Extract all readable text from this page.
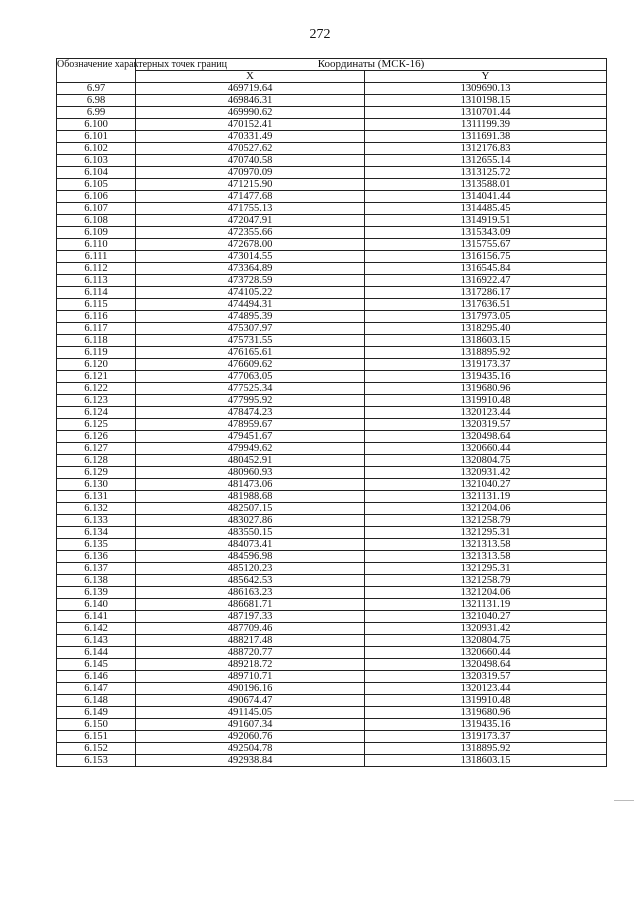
272
Обозначение характерных точек границ	Координаты (МСК-16)	
	X	Y
6.97	469719.64	1309690.13
6.98	469846.31	1310198.15
6.99	469990.62	1310701.44
6.100	470152.41	1311199.39
6.101	470331.49	1311691.38
6.102	470527.62	1312176.83
6.103	470740.58	1312655.14
6.104	470970.09	1313125.72
6.105	471215.90	1313588.01
6.106	471477.68	1314041.44
6.107	471755.13	1314485.45
6.108	472047.91	1314919.51
6.109	472355.66	1315343.09
6.110	472678.00	1315755.67
6.111	473014.55	1316156.75
6.112	473364.89	1316545.84
6.113	473728.59	1316922.47
6.114	474105.22	1317286.17
6.115	474494.31	1317636.51
6.116	474895.39	1317973.05
6.117	475307.97	1318295.40
6.118	475731.55	1318603.15
6.119	476165.61	1318895.92
6.120	476609.62	1319173.37
6.121	477063.05	1319435.16
6.122	477525.34	1319680.96
6.123	477995.92	1319910.48
6.124	478474.23	1320123.44
6.125	478959.67	1320319.57
6.126	479451.67	1320498.64
6.127	479949.62	1320660.44
6.128	480452.91	1320804.75
6.129	480960.93	1320931.42
6.130	481473.06	1321040.27
6.131	481988.68	1321131.19
6.132	482507.15	1321204.06
6.133	483027.86	1321258.79
6.134	483550.15	1321295.31
6.135	484073.41	1321313.58
6.136	484596.98	1321313.58
6.137	485120.23	1321295.31
6.138	485642.53	1321258.79
6.139	486163.23	1321204.06
6.140	486681.71	1321131.19
6.141	487197.33	1321040.27
6.142	487709.46	1320931.42
6.143	488217.48	1320804.75
6.144	488720.77	1320660.44
6.145	489218.72	1320498.64
6.146	489710.71	1320319.57
6.147	490196.16	1320123.44
6.148	490674.47	1319910.48
6.149	491145.05	1319680.96
6.150	491607.34	1319435.16
6.151	492060.76	1319173.37
6.152	492504.78	1318895.92
6.153	492938.84	1318603.15
